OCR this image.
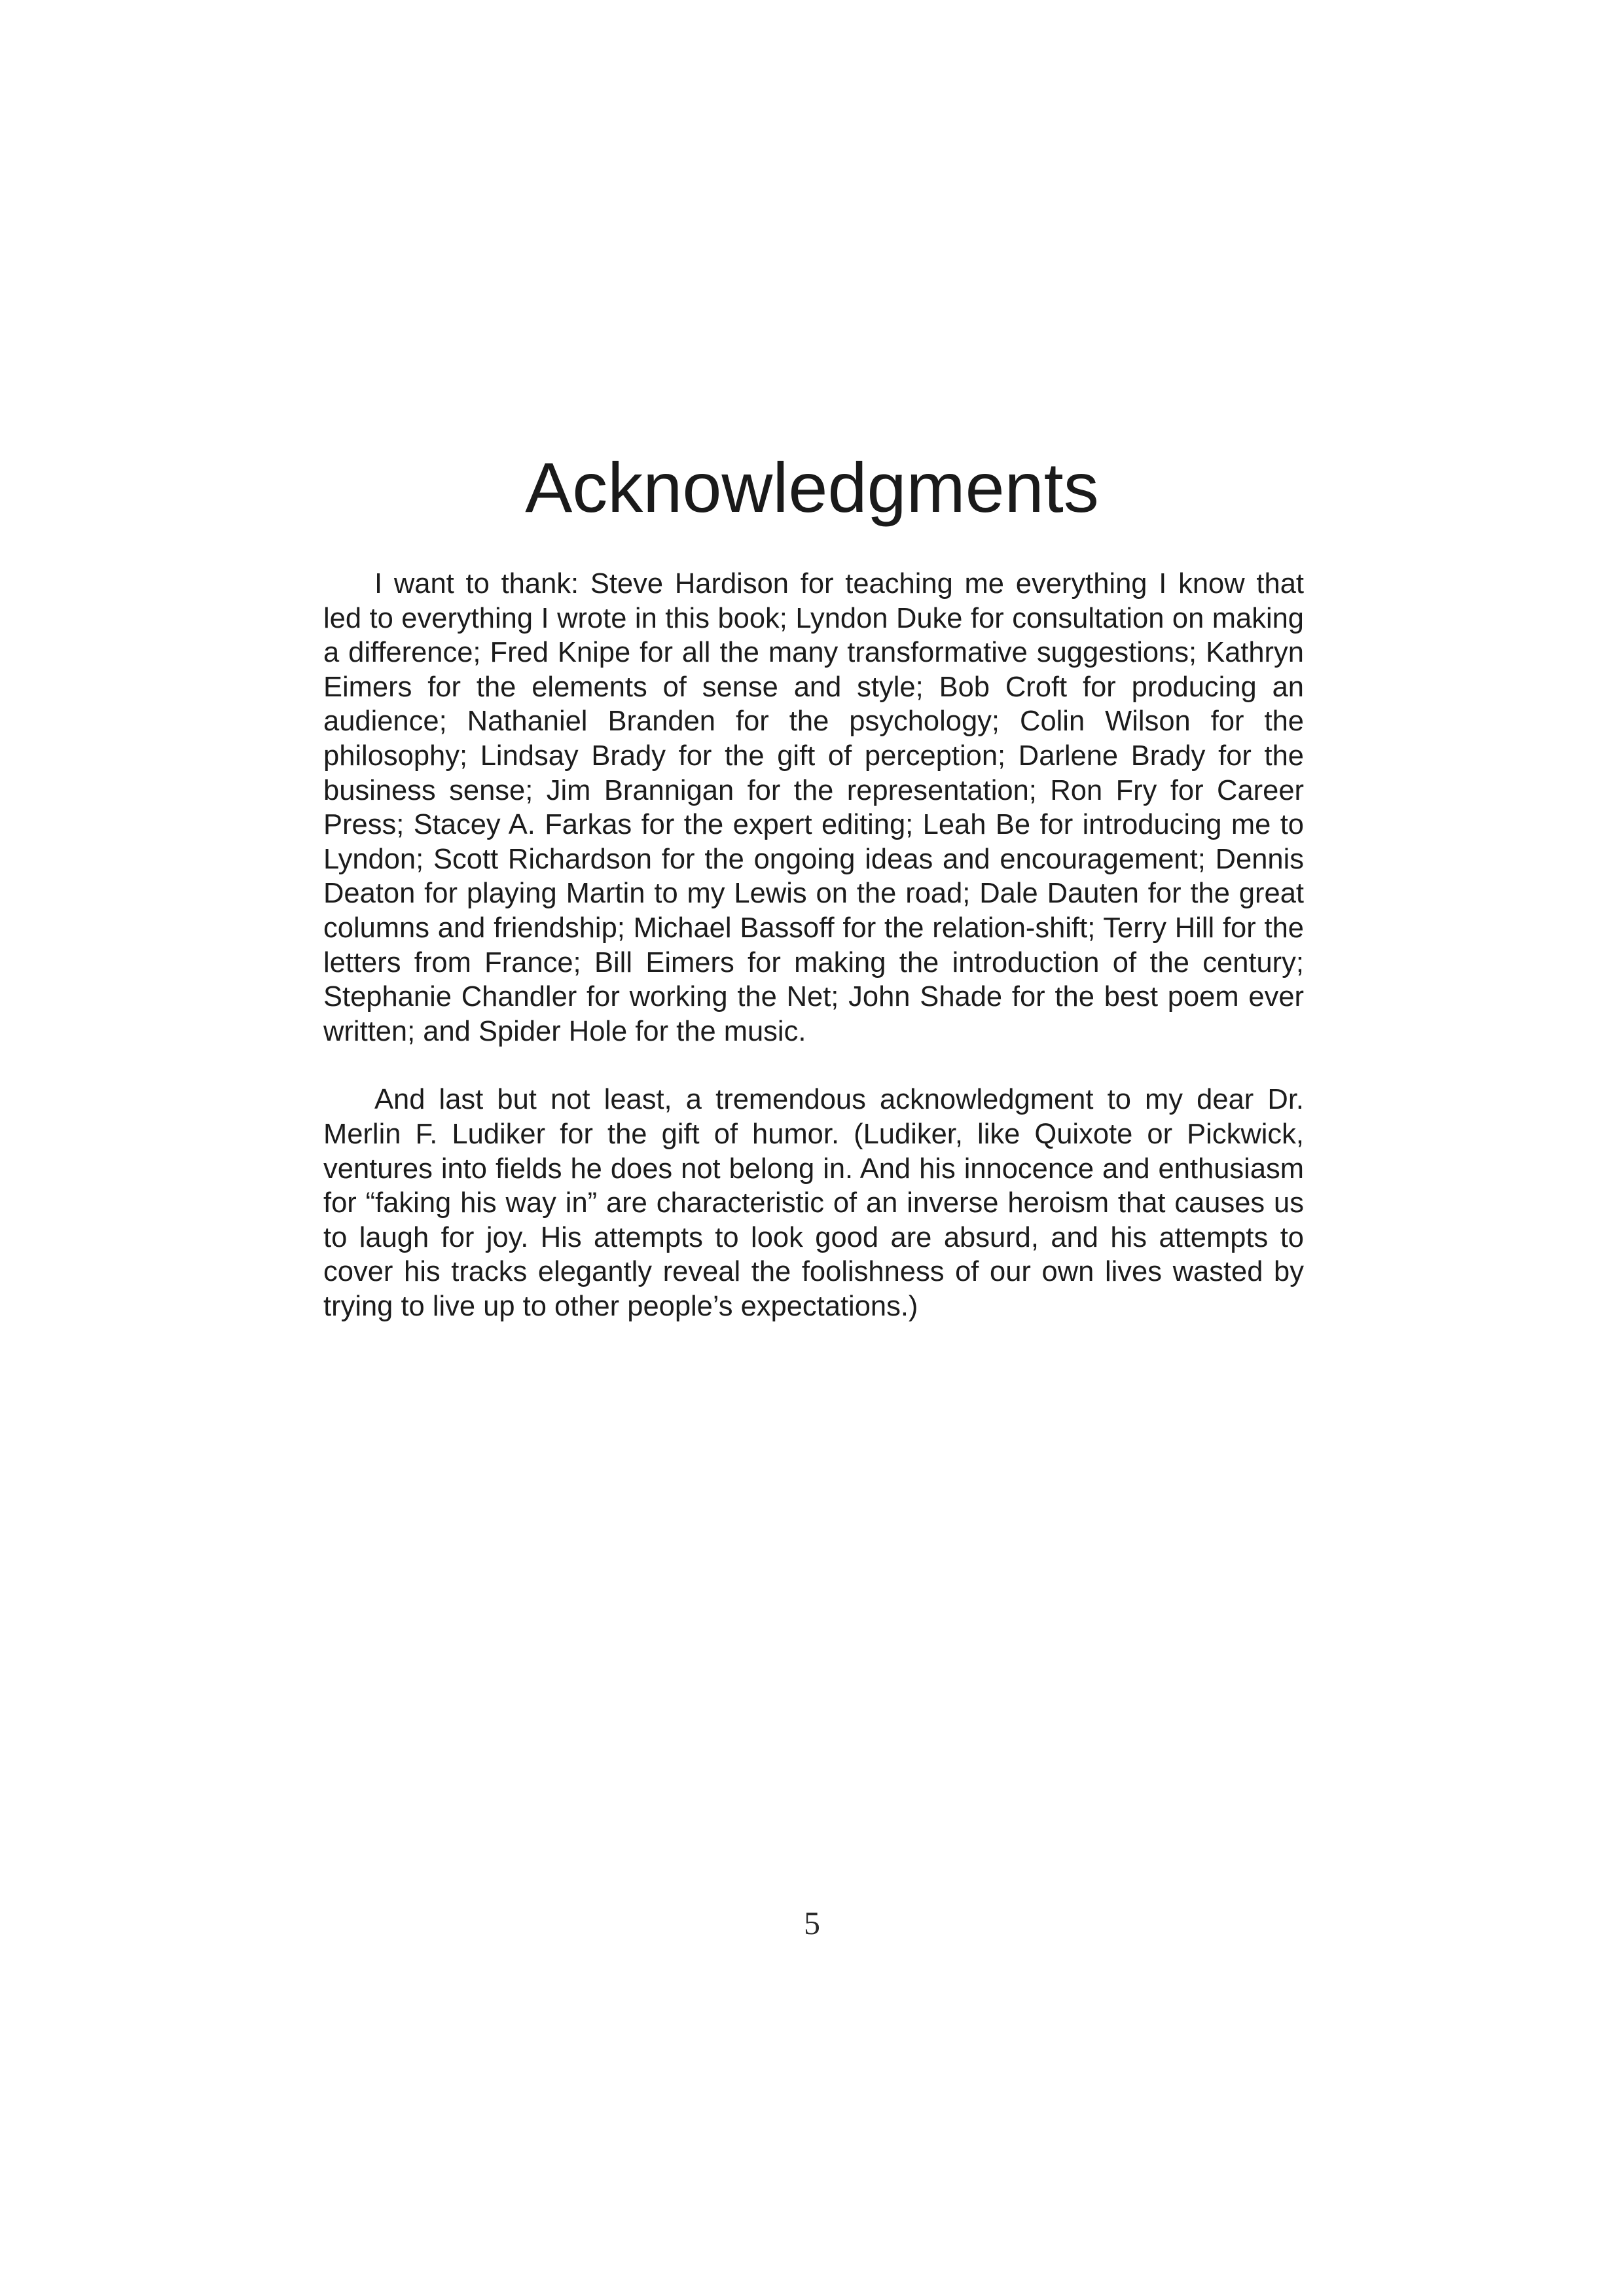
Acknowledgments

I want to thank: Steve Hardison for teaching me everything I know that led to everything I wrote in this book; Lyndon Duke for consultation on making a difference; Fred Knipe for all the many transformative suggestions; Kathryn Eimers for the elements of sense and style; Bob Croft for producing an audience; Nathaniel Branden for the psychology; Colin Wilson for the philosophy; Lindsay Brady for the gift of perception; Darlene Brady for the business sense; Jim Brannigan for the representation; Ron Fry for Career Press; Stacey A. Farkas for the expert editing; Leah Be for introducing me to Lyndon; Scott Richardson for the ongoing ideas and encouragement; Dennis Deaton for playing Martin to my Lewis on the road; Dale Dauten for the great columns and friendship; Michael Bassoff for the relation-shift; Terry Hill for the letters from France; Bill Eimers for making the introduction of the century; Stephanie Chandler for working the Net; John Shade for the best poem ever written; and Spider Hole for the music.

And last but not least, a tremendous acknowledgment to my dear Dr. Merlin F. Ludiker for the gift of humor. (Ludiker, like Quixote or Pickwick, ventures into fields he does not belong in. And his innocence and enthusiasm for “faking his way in” are characteristic of an inverse heroism that causes us to laugh for joy. His attempts to look good are absurd, and his attempts to cover his tracks elegantly reveal the foolishness of our own lives wasted by trying to live up to other people’s expectations.)

5
